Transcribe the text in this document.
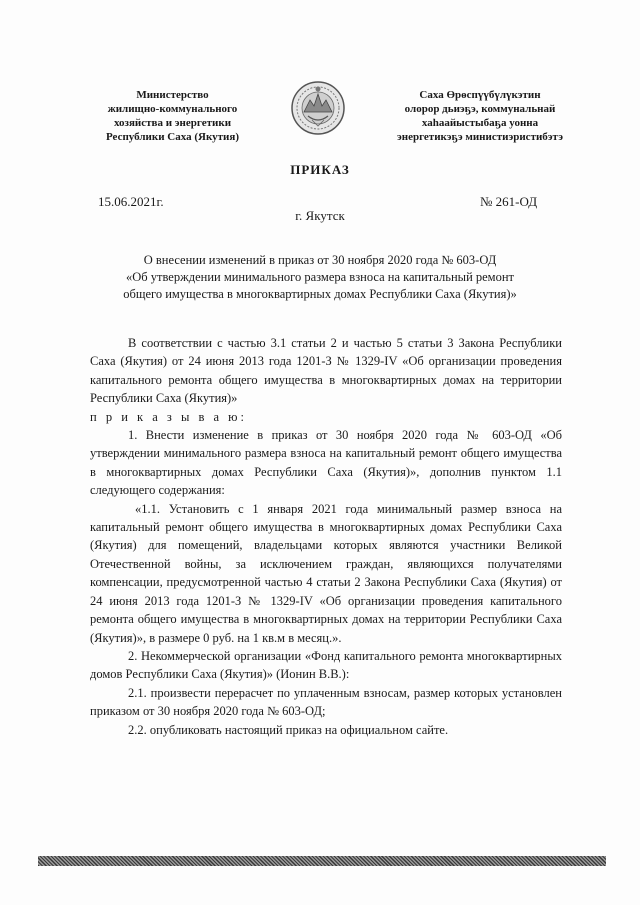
Министерство
жилищно-коммунального
хозяйства и энергетики
Республики Саха (Якутия)
Саха Өрөспүүбүлүкэтин
олорор дьиэҕэ, коммунальнай
хаһаайыстыбаҕа уонна
энергетикэҕэ министиэристибэтэ
ПРИКАЗ
15.06.2021г.	№ 261-ОД
г. Якутск
О внесении изменений в приказ от 30 ноября 2020 года № 603-ОД
«Об утверждении минимального размера взноса на капитальный ремонт
общего имущества в многоквартирных домах Республики Саха (Якутия)»

В соответствии с частью 3.1 статьи 2 и частью 5 статьи 3 Закона Республики Саха (Якутия) от 24 июня 2013 года 1201-З № 1329-IV «Об организации проведения капитального ремонта общего имущества в многоквартирных домах на территории Республики Саха (Якутия)»

п р и к а з ы в а ю:

1. Внести изменение в приказ от 30 ноября 2020 года № 603-ОД «Об утверждении минимального размера взноса на капитальный ремонт общего имущества в многоквартирных домах Республики Саха (Якутия)», дополнив пунктом 1.1 следующего содержания:

«1.1. Установить с 1 января 2021 года минимальный размер взноса на капитальный ремонт общего имущества в многоквартирных домах Республики Саха (Якутия) для помещений, владельцами которых являются участники Великой Отечественной войны, за исключением граждан, являющихся получателями компенсации, предусмотренной частью 4 статьи 2 Закона Республики Саха (Якутия) от 24 июня 2013 года 1201-З № 1329-IV «Об организации проведения капитального ремонта общего имущества в многоквартирных домах на территории Республики Саха (Якутия)», в размере 0 руб. на 1 кв.м в месяц.».

2. Некоммерческой организации «Фонд капитального ремонта многоквартирных домов Республики Саха (Якутия)» (Ионин В.В.):

2.1. произвести перерасчет по уплаченным взносам, размер которых установлен приказом от 30 ноября 2020 года № 603-ОД;

2.2. опубликовать настоящий приказ на официальном сайте.
